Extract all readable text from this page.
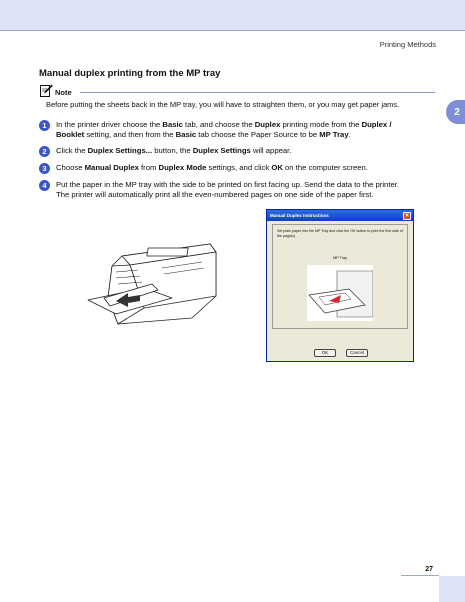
Printing Methods
2
Manual duplex printing from the MP tray
Note
Before putting the sheets back in the MP tray, you will have to straighten them, or you may get paper jams.
1	In the printer driver choose the Basic tab, and choose the Duplex printing mode from the Duplex /
Booklet setting, and then from the Basic tab choose the Paper Source to be MP Tray.
2	Click the Duplex Settings... button, the Duplex Settings will appear.
3	Choose Manual Duplex from Duplex Mode settings, and click OK on the computer screen.
4	Put the paper in the MP tray with the side to be printed on first facing up. Send the data to the printer.
The printer will automatically print all the even-numbered pages on one side of the paper first.
Manual Duplex Instructions	×
Set plain paper into the MP Tray and click the OK button to print the first side of the page(s).
MP Tray
OK	Cancel
27
